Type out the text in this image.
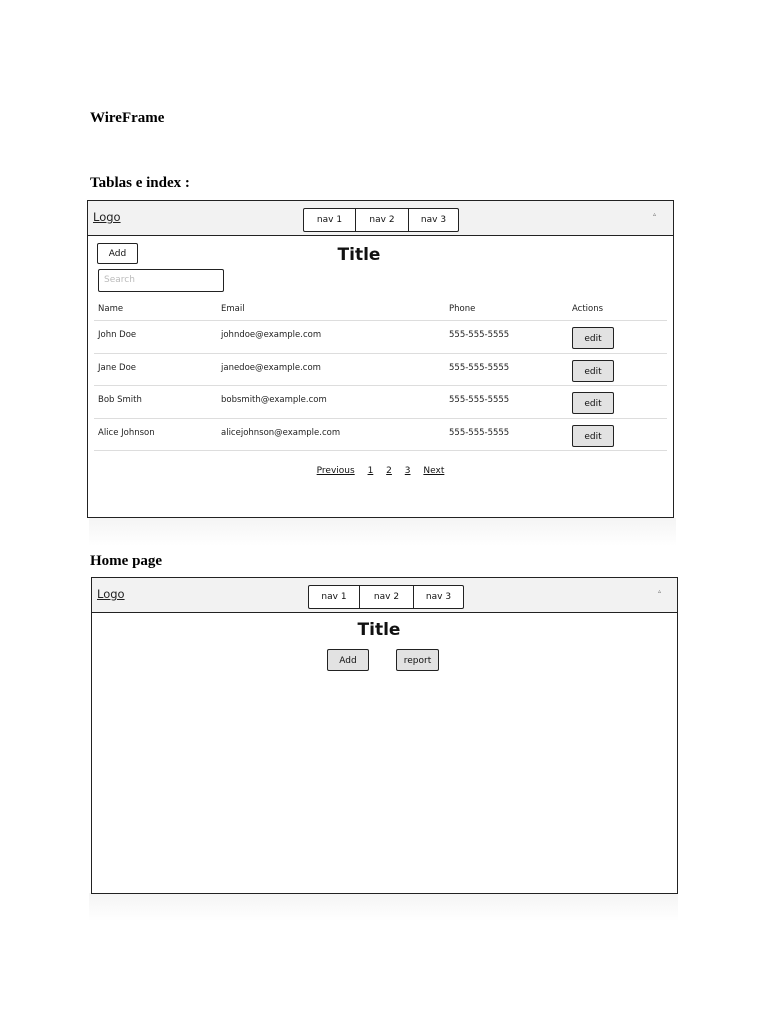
WireFrame
Tablas e index :
Home page
Logo	nav 1	nav 2	nav 3
▵
Add	Title
Search
Name	Email	Phone	Actions
John Doe	johndoe@example.com	555-555-5555	edit
Jane Doe	janedoe@example.com	555-555-5555	edit
Bob Smith	bobsmith@example.com	555-555-5555	edit
Alice Johnson	alicejohnson@example.com	555-555-5555	edit
Previous 1 2 3 Next
Logo	nav 1	nav 2	nav 3
▵
Title
Add	report
